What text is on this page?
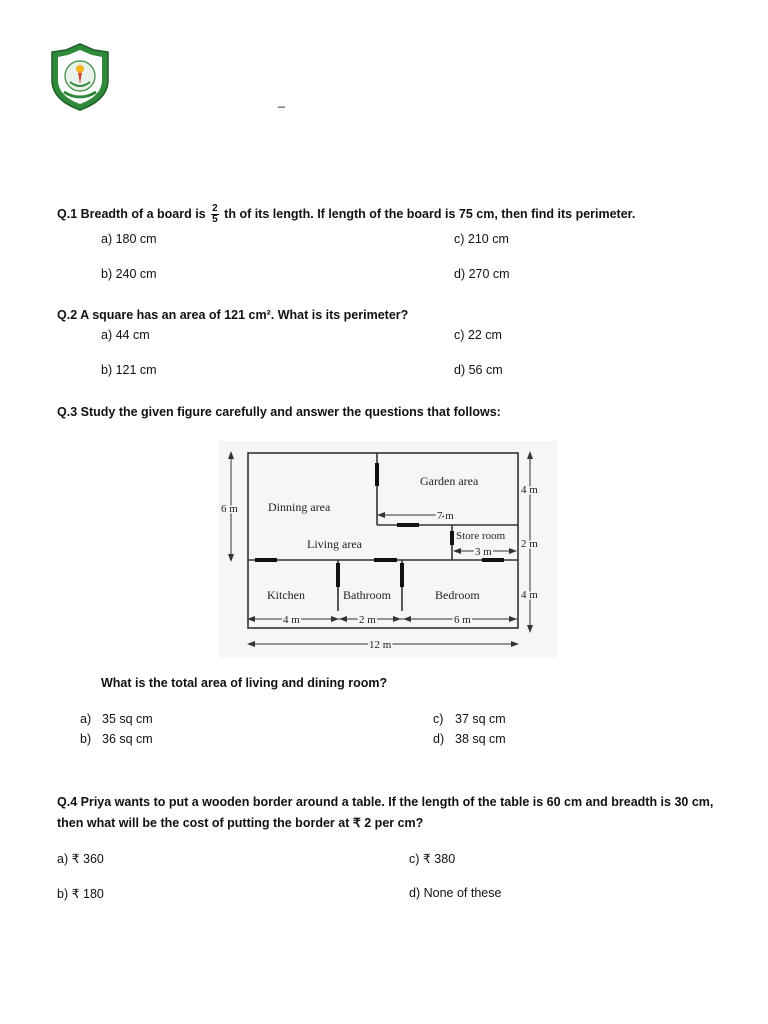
_
Q.1 Breadth of a board is $\frac{2}{5}$ th of its length. If length of the board is 75 cm, then find its perimeter.
a) 180 cm	c) 210 cm
b) 240 cm	d) 270 cm
Q.2 A square has an area of 121 cm². What is its perimeter?
a) 44 cm	c) 22 cm
b) 121 cm	d) 56 cm
Q.3 Study the given figure carefully and answer the questions that follows:
Garden area
Dinning area
Living area
Store room
Kitchen	Bathroom	Bedroom
6 m
4 m
2 m
4 m
7 m
3 m
4 m	2 m	6 m
12 m
What is the total area of living and dining room?
a) 35 sq cm
b) 36 sq cm
c) 37 sq cm
d) 38 sq cm
Q.4 Priya wants to put a wooden border around a table. If the length of the table is 60 cm and breadth is 30 cm,
then what will be the cost of putting the border at ₹ 2 per cm?
a) ₹ 360	c) ₹ 380
b) ₹ 180	d) None of these
